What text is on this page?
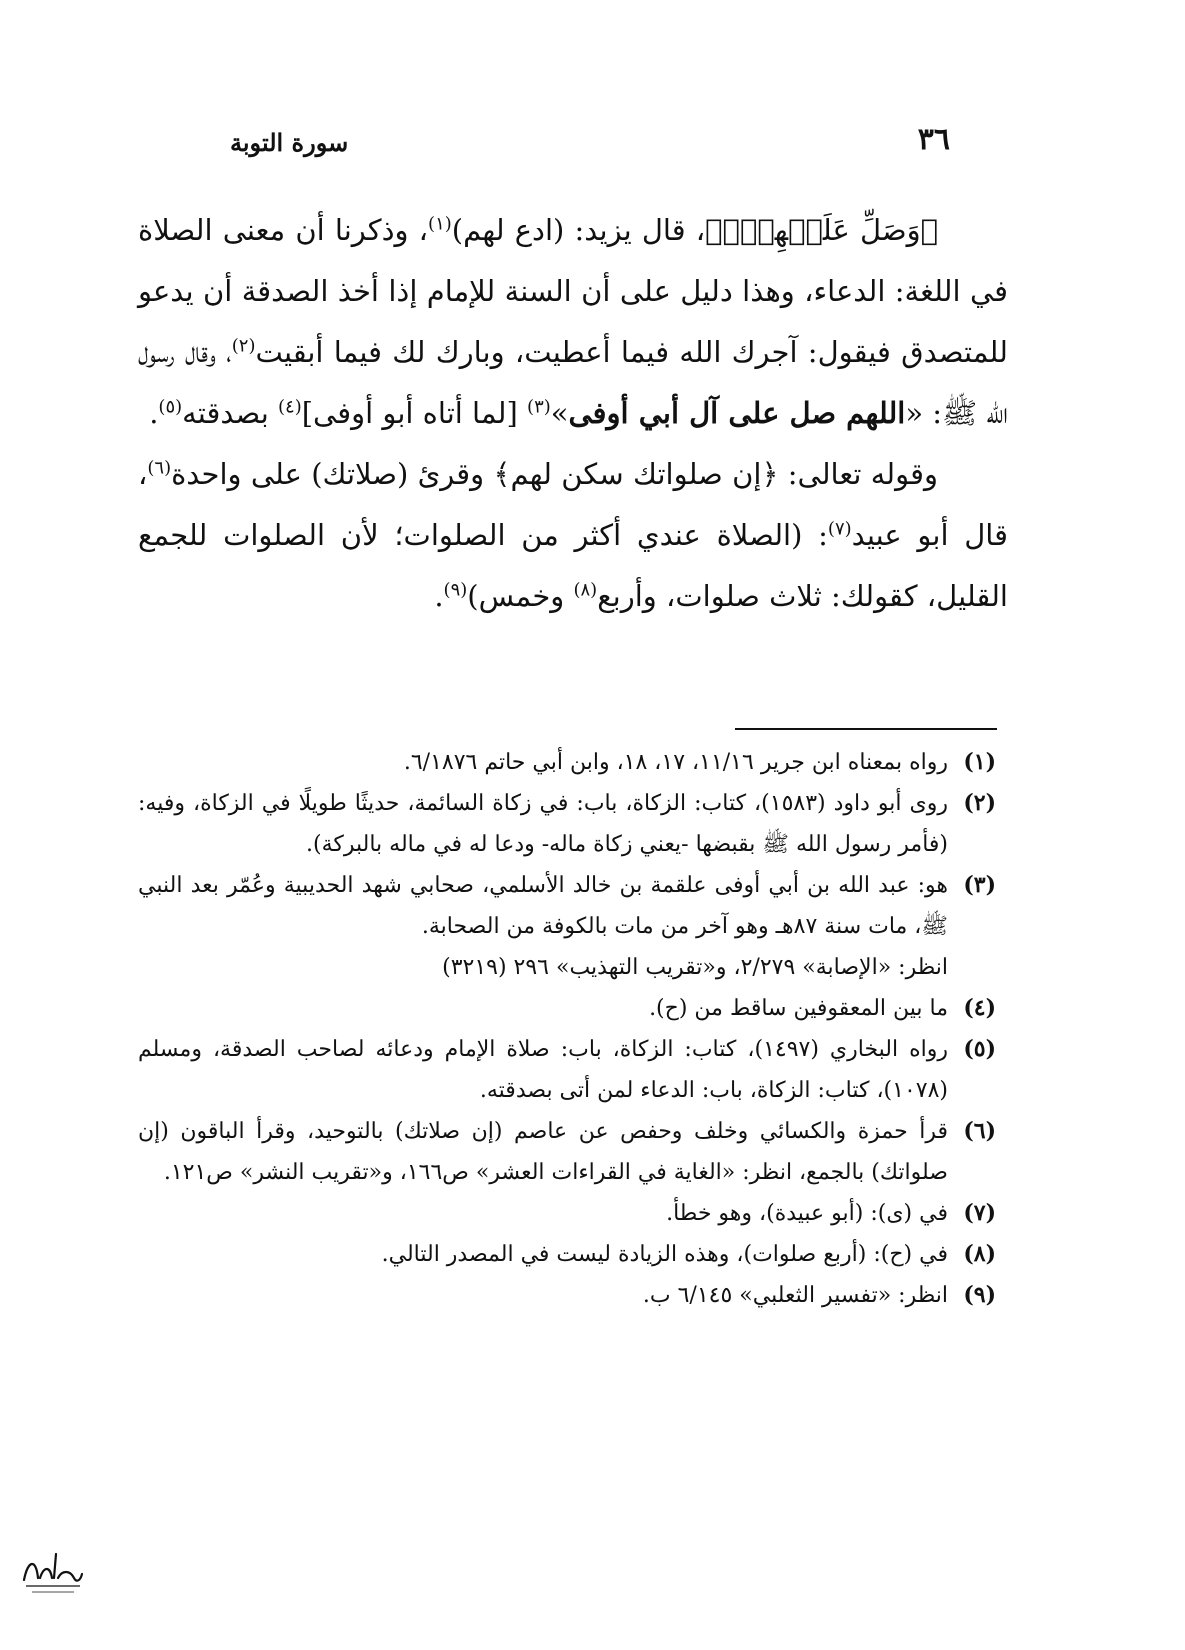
٣٦
سورة التوبة

﴿وَصَلِّ عَلَيۡهِمۡۖ﴾، قال يزيد: (ادع لهم)$^{(١)}$، وذكرنا أن معنى الصلاة في اللغة: الدعاء، وهذا دليل على أن السنة للإمام إذا أخذ الصدقة أن يدعو للمتصدق فيقول: آجرك الله فيما أعطيت، وبارك لك فيما أبقيت$^{(٢)}$، وقال رسول الله ﷺ: «اللهم صل على آل أبي أوفى»$^{(٣)}$ [لما أتاه أبو أوفى]$^{(٤)}$ بصدقته$^{(٥)}$.

وقوله تعالى: ﴿إن صلواتك سكن لهم﴾ وقرئ (صلاتك) على واحدة$^{(٦)}$، قال أبو عبيد$^{(٧)}$: (الصلاة عندي أكثر من الصلوات؛ لأن الصلوات للجمع القليل، كقولك: ثلاث صلوات، وأربع$^{(٨)}$ وخمس)$^{(٩)}$.

(١)
رواه بمعناه ابن جرير ١١/١٦، ١٧، ١٨، وابن أبي حاتم ٦/١٨٧٦.
(٢)
روى أبو داود (١٥٨٣)، كتاب: الزكاة، باب: في زكاة السائمة، حديثًا طويلًا في الزكاة، وفيه: (فأمر رسول الله ﷺ بقبضها -يعني زكاة ماله- ودعا له في ماله بالبركة).
(٣)
هو: عبد الله بن أبي أوفى علقمة بن خالد الأسلمي، صحابي شهد الحديبية وعُمّر بعد النبي ﷺ، مات سنة ٨٧هـ وهو آخر من مات بالكوفة من الصحابة.
انظر: «الإصابة» ٢/٢٧٩، و«تقريب التهذيب» ٢٩٦ (٣٢١٩)
(٤)
ما بين المعقوفين ساقط من (ح).
(٥)
رواه البخاري (١٤٩٧)، كتاب: الزكاة، باب: صلاة الإمام ودعائه لصاحب الصدقة، ومسلم (١٠٧٨)، كتاب: الزكاة، باب: الدعاء لمن أتى بصدقته.
(٦)
قرأ حمزة والكسائي وخلف وحفص عن عاصم (إن صلاتك) بالتوحيد، وقرأ الباقون (إن صلواتك) بالجمع، انظر: «الغاية في القراءات العشر» ص١٦٦، و«تقريب النشر» ص١٢١.
(٧)
في (ى): (أبو عبيدة)، وهو خطأ.
(٨)
في (ح): (أربع صلوات)، وهذه الزيادة ليست في المصدر التالي.
(٩)
انظر: «تفسير الثعلبي» ٦/١٤٥ ب.
